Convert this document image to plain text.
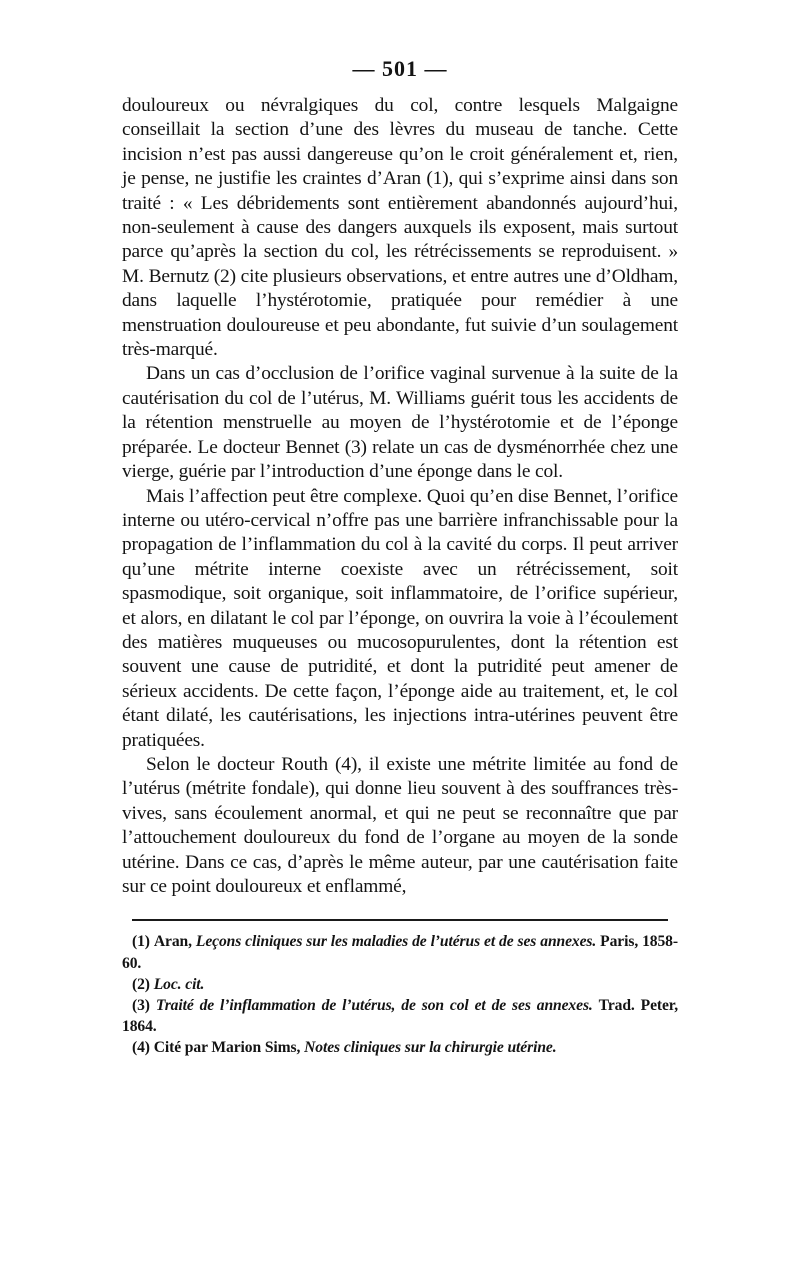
— 501 —

douloureux ou névralgiques du col, contre lesquels Malgaigne conseillait la section d’une des lèvres du museau de tanche. Cette incision n’est pas aussi dangereuse qu’on le croit généralement et, rien, je pense, ne justifie les craintes d’Aran (1), qui s’exprime ainsi dans son traité : « Les débridements sont entièrement abandonnés aujourd’hui, non-seulement à cause des dangers auxquels ils exposent, mais surtout parce qu’après la section du col, les rétrécissements se reproduisent. » M. Bernutz (2) cite plusieurs observations, et entre autres une d’Oldham, dans laquelle l’hystérotomie, pratiquée pour remédier à une menstruation douloureuse et peu abondante, fut suivie d’un soulagement très-marqué.

Dans un cas d’occlusion de l’orifice vaginal survenue à la suite de la cautérisation du col de l’utérus, M. Williams guérit tous les accidents de la rétention menstruelle au moyen de l’hystérotomie et de l’éponge préparée. Le docteur Bennet (3) relate un cas de dysménorrhée chez une vierge, guérie par l’introduction d’une éponge dans le col.

Mais l’affection peut être complexe. Quoi qu’en dise Bennet, l’orifice interne ou utéro-cervical n’offre pas une barrière infranchissable pour la propagation de l’inflammation du col à la cavité du corps. Il peut arriver qu’une métrite interne coexiste avec un rétrécissement, soit spasmodique, soit organique, soit inflammatoire, de l’orifice supérieur, et alors, en dilatant le col par l’éponge, on ouvrira la voie à l’écoulement des matières muqueuses ou mucosopurulentes, dont la rétention est souvent une cause de putridité, et dont la putridité peut amener de sérieux accidents. De cette façon, l’éponge aide au traitement, et, le col étant dilaté, les cautérisations, les injections intra-utérines peuvent être pratiquées.

Selon le docteur Routh (4), il existe une métrite limitée au fond de l’utérus (métrite fondale), qui donne lieu souvent à des souffrances très-vives, sans écoulement anormal, et qui ne peut se reconnaître que par l’attouchement douloureux du fond de l’organe au moyen de la sonde utérine. Dans ce cas, d’après le même auteur, par une cautérisation faite sur ce point douloureux et enflammé,

(1) Aran, Leçons cliniques sur les maladies de l’utérus et de ses annexes. Paris, 1858-60.

(2) Loc. cit.

(3) Traité de l’inflammation de l’utérus, de son col et de ses annexes. Trad. Peter, 1864.

(4) Cité par Marion Sims, Notes cliniques sur la chirurgie utérine.
